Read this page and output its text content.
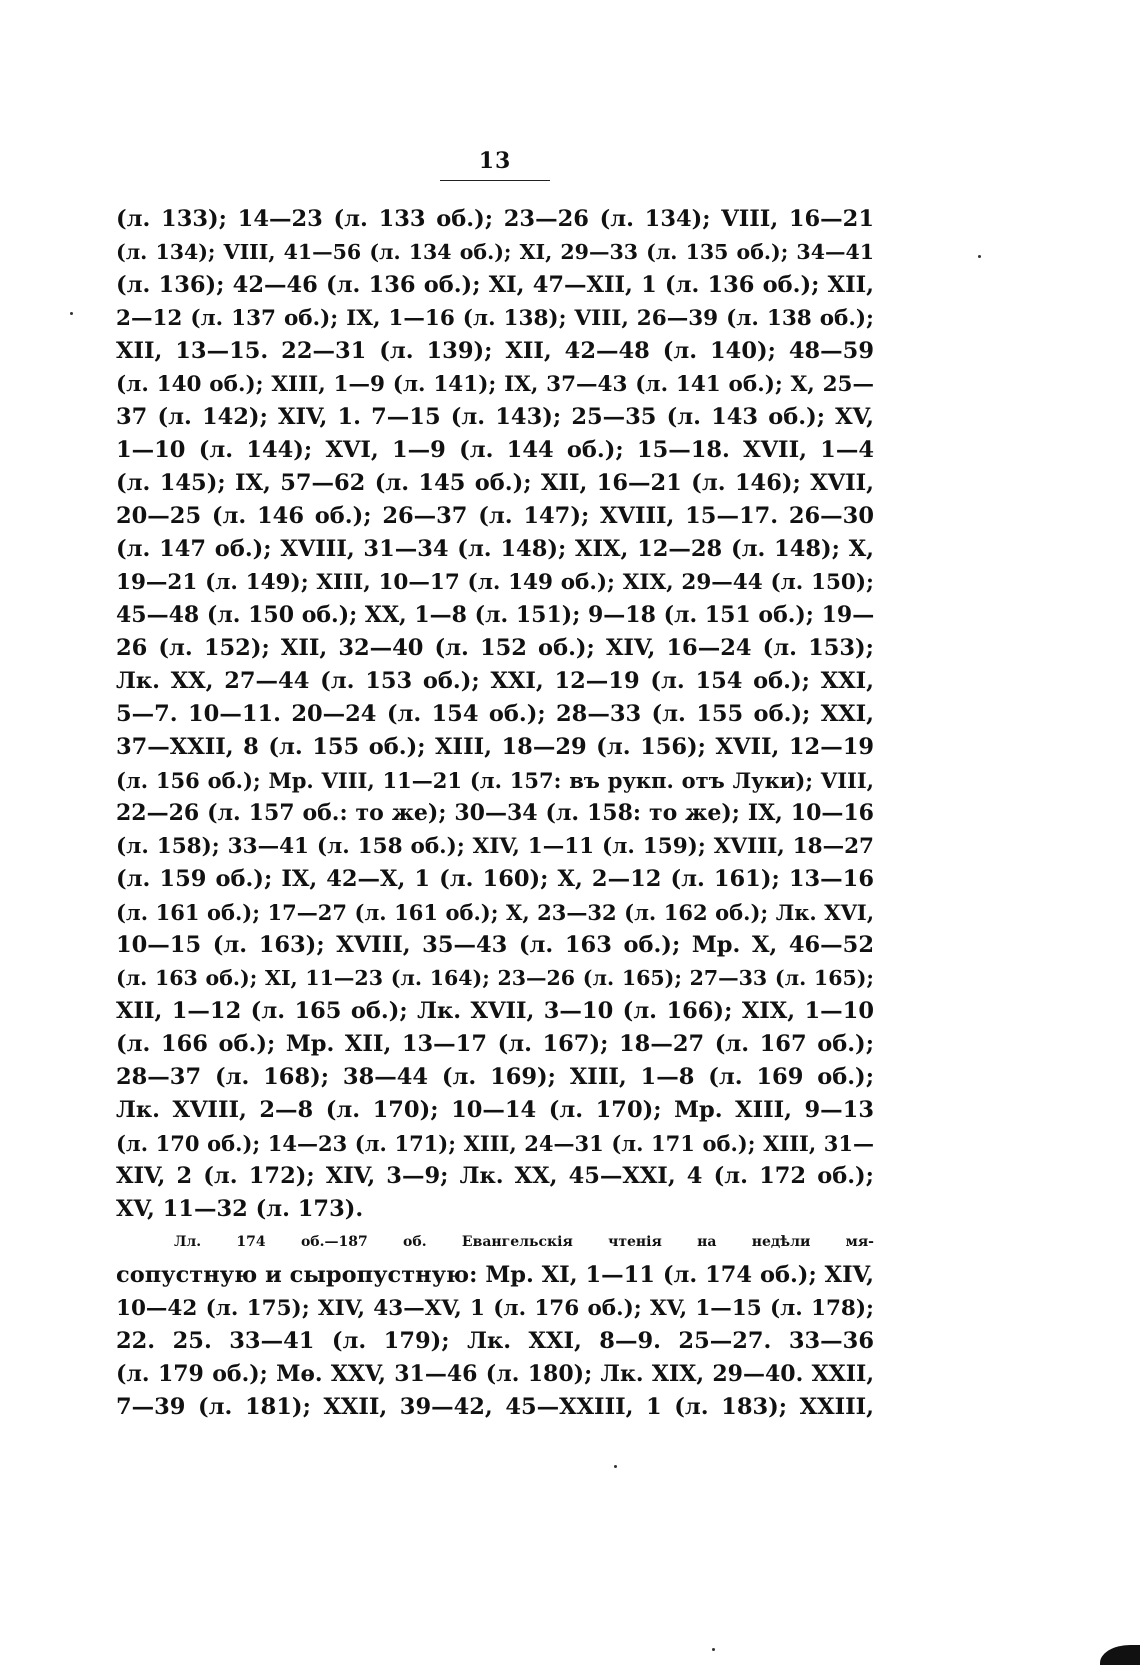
13
(л. 133); 14—23 (л. 133 об.); 23—26 (л. 134); VIII, 16—21
(л. 134); VIII, 41—56 (л. 134 об.); XI, 29—33 (л. 135 об.); 34—41
(л. 136); 42—46 (л. 136 об.); XI, 47—XII, 1 (л. 136 об.); XII,
2—12 (л. 137 об.); IX, 1—16 (л. 138); VIII, 26—39 (л. 138 об.);
XII, 13—15. 22—31 (л. 139); XII, 42—48 (л. 140); 48—59
(л. 140 об.); XIII, 1—9 (л. 141); IX, 37—43 (л. 141 об.); X, 25—
37 (л. 142); XIV, 1. 7—15 (л. 143); 25—35 (л. 143 об.); XV,
1—10 (л. 144); XVI, 1—9 (л. 144 об.); 15—18. XVII, 1—4
(л. 145); IX, 57—62 (л. 145 об.); XII, 16—21 (л. 146); XVII,
20—25 (л. 146 об.); 26—37 (л. 147); XVIII, 15—17. 26—30
(л. 147 об.); XVIII, 31—34 (л. 148); XIX, 12—28 (л. 148); X,
19—21 (л. 149); XIII, 10—17 (л. 149 об.); XIX, 29—44 (л. 150);
45—48 (л. 150 об.); XX, 1—8 (л. 151); 9—18 (л. 151 об.); 19—
26 (л. 152); XII, 32—40 (л. 152 об.); XIV, 16—24 (л. 153);
Лк. XX, 27—44 (л. 153 об.); XXI, 12—19 (л. 154 об.); XXI,
5—7. 10—11. 20—24 (л. 154 об.); 28—33 (л. 155 об.); XXI,
37—XXII, 8 (л. 155 об.); XIII, 18—29 (л. 156); XVII, 12—19
(л. 156 об.); Мр. VIII, 11—21 (л. 157: въ рукп. отъ Луки); VIII,
22—26 (л. 157 об.: то же); 30—34 (л. 158: то же); IX, 10—16
(л. 158); 33—41 (л. 158 об.); XIV, 1—11 (л. 159); XVIII, 18—27
(л. 159 об.); IX, 42—X, 1 (л. 160); X, 2—12 (л. 161); 13—16
(л. 161 об.); 17—27 (л. 161 об.); X, 23—32 (л. 162 об.); Лк. XVI,
10—15 (л. 163); XVIII, 35—43 (л. 163 об.); Мр. X, 46—52
(л. 163 об.); XI, 11—23 (л. 164); 23—26 (л. 165); 27—33 (л. 165);
XII, 1—12 (л. 165 об.); Лк. XVII, 3—10 (л. 166); XIX, 1—10
(л. 166 об.); Мр. XII, 13—17 (л. 167); 18—27 (л. 167 об.);
28—37 (л. 168); 38—44 (л. 169); XIII, 1—8 (л. 169 об.);
Лк. XVIII, 2—8 (л. 170); 10—14 (л. 170); Мр. XIII, 9—13
(л. 170 об.); 14—23 (л. 171); XIII, 24—31 (л. 171 об.); XIII, 31—
XIV, 2 (л. 172); XIV, 3—9; Лк. XX, 45—XXI, 4 (л. 172 об.);
XV, 11—32 (л. 173).
Лл. 174 об.—187 об. Евангельскія чтенія на недѣли мя-
сопустную и сыропустную: Мр. XI, 1—11 (л. 174 об.); XIV,
10—42 (л. 175); XIV, 43—XV, 1 (л. 176 об.); XV, 1—15 (л. 178);
22. 25. 33—41 (л. 179); Лк. XXI, 8—9. 25—27. 33—36
(л. 179 об.); Мѳ. XXV, 31—46 (л. 180); Лк. XIX, 29—40. XXII,
7—39 (л. 181); XXII, 39—42, 45—XXIII, 1 (л. 183); XXIII,
